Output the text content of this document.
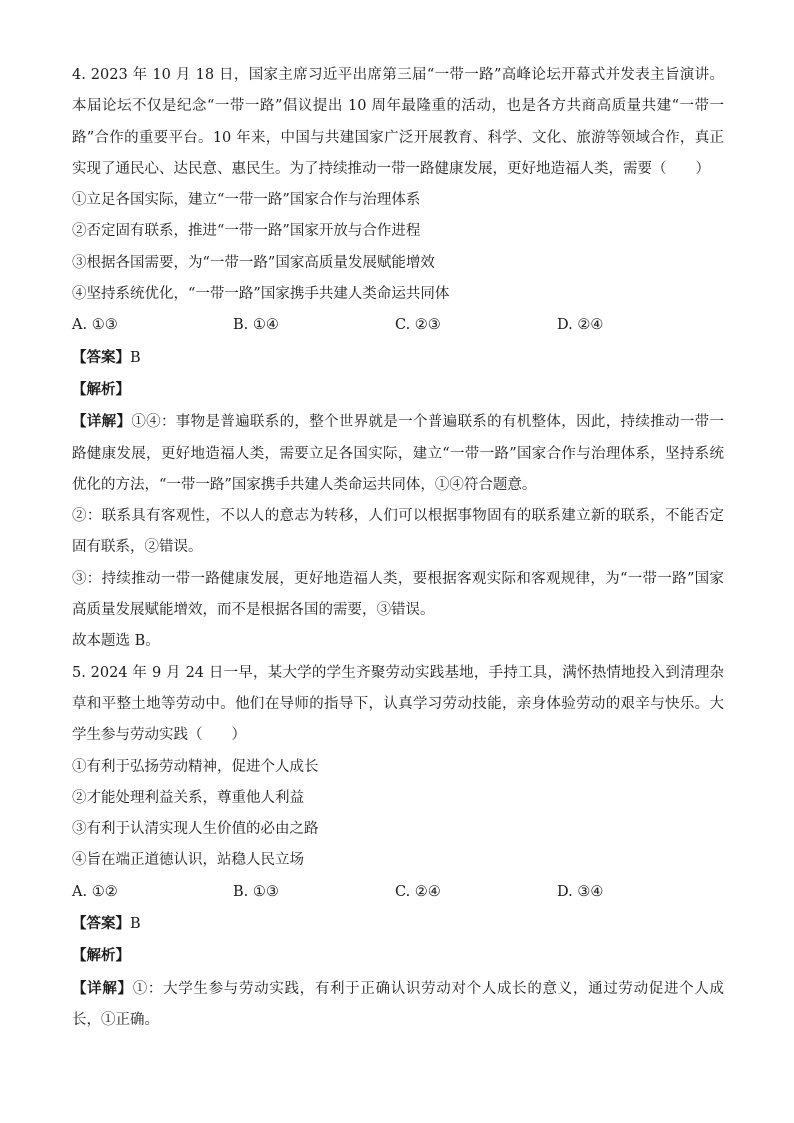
4. 2023 年 10 月 18 日，国家主席习近平出席第三届“一带一路”高峰论坛开幕式并发表主旨演讲。本届论坛不仅是纪念“一带一路”倡议提出 10 周年最隆重的活动，也是各方共商高质量共建“一带一路”合作的重要平台。10 年来，中国与共建国家广泛开展教育、科学、文化、旅游等领域合作，真正实现了通民心、达民意、惠民生。为了持续推动一带一路健康发展，更好地造福人类，需要（　　）

①立足各国实际，建立“一带一路”国家合作与治理体系

②否定固有联系，推进“一带一路”国家开放与合作进程

③根据各国需要，为“一带一路”国家高质量发展赋能增效

④坚持系统优化，“一带一路”国家携手共建人类命运共同体

A. ①③	B. ①④	C. ②③	D. ②④

【答案】B

【解析】

【详解】①④：事物是普遍联系的，整个世界就是一个普遍联系的有机整体，因此，持续推动一带一路健康发展，更好地造福人类，需要立足各国实际，建立“一带一路”国家合作与治理体系，坚持系统优化的方法，“一带一路”国家携手共建人类命运共同体，①④符合题意。

②：联系具有客观性，不以人的意志为转移，人们可以根据事物固有的联系建立新的联系，不能否定固有联系，②错误。

③：持续推动一带一路健康发展，更好地造福人类，要根据客观实际和客观规律，为“一带一路”国家高质量发展赋能增效，而不是根据各国的需要，③错误。

故本题选 B。

5. 2024 年 9 月 24 日一早，某大学的学生齐聚劳动实践基地，手持工具，满怀热情地投入到清理杂草和平整土地等劳动中。他们在导师的指导下，认真学习劳动技能，亲身体验劳动的艰辛与快乐。大学生参与劳动实践（　　）

①有利于弘扬劳动精神，促进个人成长

②才能处理利益关系，尊重他人利益

③有利于认清实现人生价值的必由之路

④旨在端正道德认识，站稳人民立场

A. ①②	B. ①③	C. ②④	D. ③④

【答案】B

【解析】

【详解】①：大学生参与劳动实践，有利于正确认识劳动对个人成长的意义，通过劳动促进个人成长，①正确。
